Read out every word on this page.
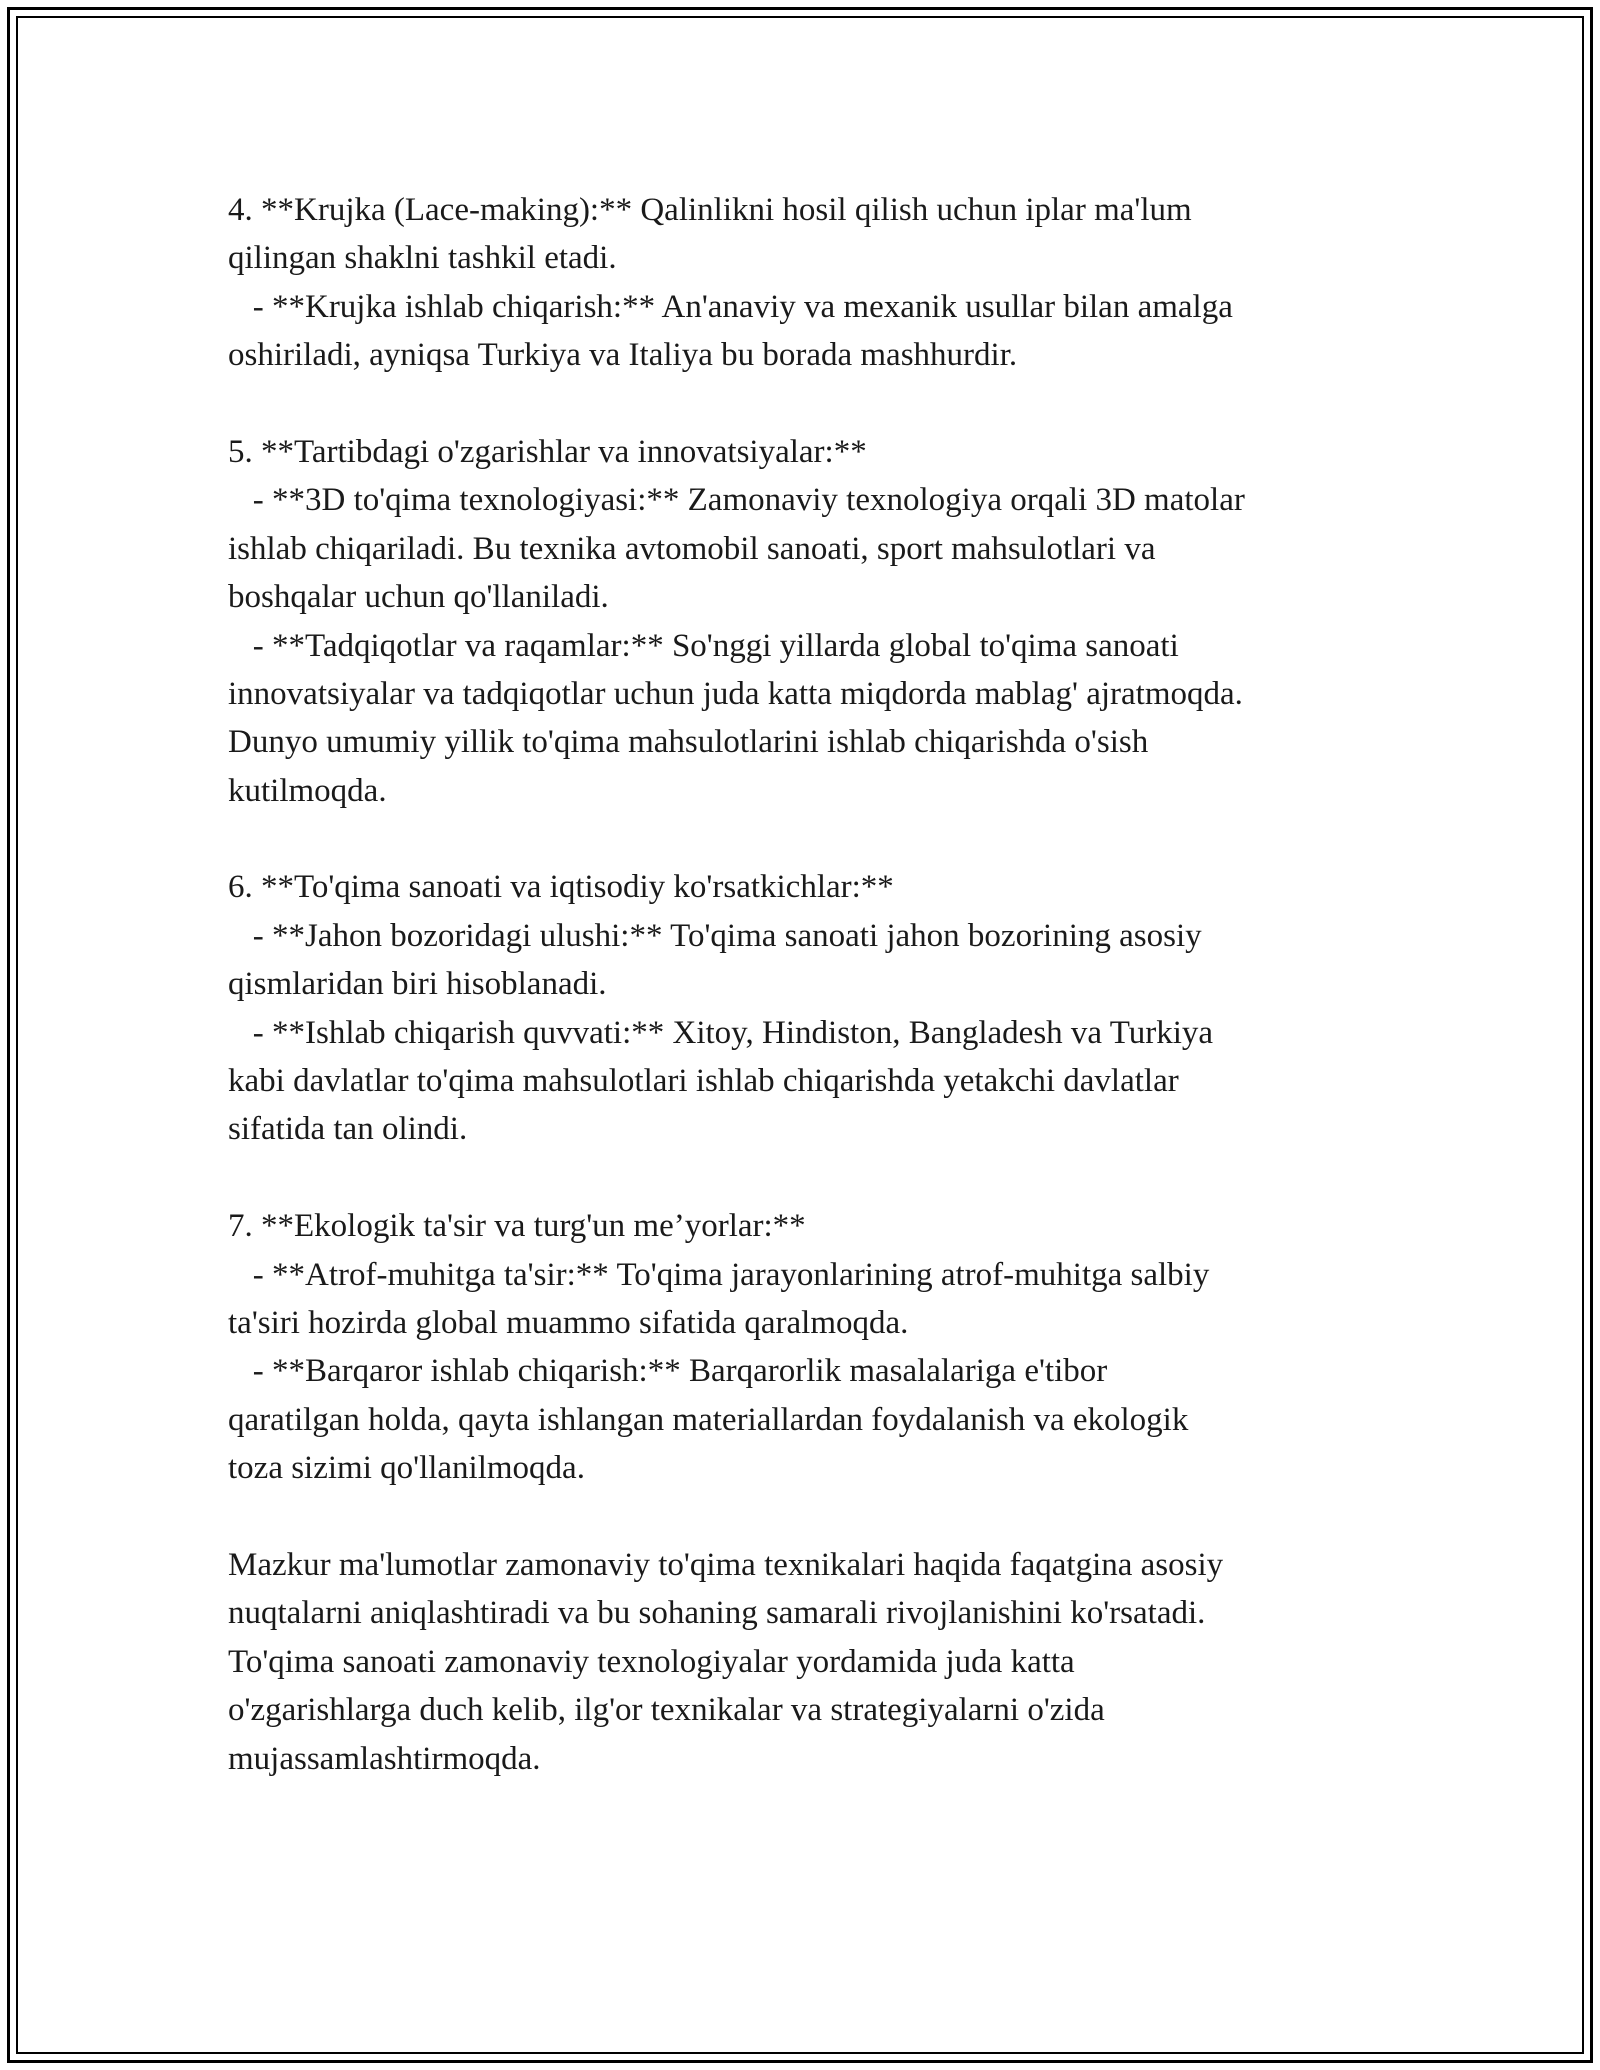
4. **Krujka (Lace-making):** Qalinlikni hosil qilish uchun iplar ma'lum
qilingan shaklni tashkil etadi.
- **Krujka ishlab chiqarish:** An'anaviy va mexanik usullar bilan amalga
oshiriladi, ayniqsa Turkiya va Italiya bu borada mashhurdir.
5. **Tartibdagi o'zgarishlar va innovatsiyalar:**
- **3D to'qima texnologiyasi:** Zamonaviy texnologiya orqali 3D matolar
ishlab chiqariladi. Bu texnika avtomobil sanoati, sport mahsulotlari va
boshqalar uchun qo'llaniladi.
- **Tadqiqotlar va raqamlar:** So'nggi yillarda global to'qima sanoati
innovatsiyalar va tadqiqotlar uchun juda katta miqdorda mablag' ajratmoqda.
Dunyo umumiy yillik to'qima mahsulotlarini ishlab chiqarishda o'sish
kutilmoqda.
6. **To'qima sanoati va iqtisodiy ko'rsatkichlar:**
- **Jahon bozoridagi ulushi:** To'qima sanoati jahon bozorining asosiy
qismlaridan biri hisoblanadi.
- **Ishlab chiqarish quvvati:** Xitoy, Hindiston, Bangladesh va Turkiya
kabi davlatlar to'qima mahsulotlari ishlab chiqarishda yetakchi davlatlar
sifatida tan olindi.
7. **Ekologik ta'sir va turg'un me’yorlar:**
- **Atrof-muhitga ta'sir:** To'qima jarayonlarining atrof-muhitga salbiy
ta'siri hozirda global muammo sifatida qaralmoqda.
- **Barqaror ishlab chiqarish:** Barqarorlik masalalariga e'tibor
qaratilgan holda, qayta ishlangan materiallardan foydalanish va ekologik
toza sizimi qo'llanilmoqda.
Mazkur ma'lumotlar zamonaviy to'qima texnikalari haqida faqatgina asosiy
nuqtalarni aniqlashtiradi va bu sohaning samarali rivojlanishini ko'rsatadi.
To'qima sanoati zamonaviy texnologiyalar yordamida juda katta
o'zgarishlarga duch kelib, ilg'or texnikalar va strategiyalarni o'zida
mujassamlashtirmoqda.
